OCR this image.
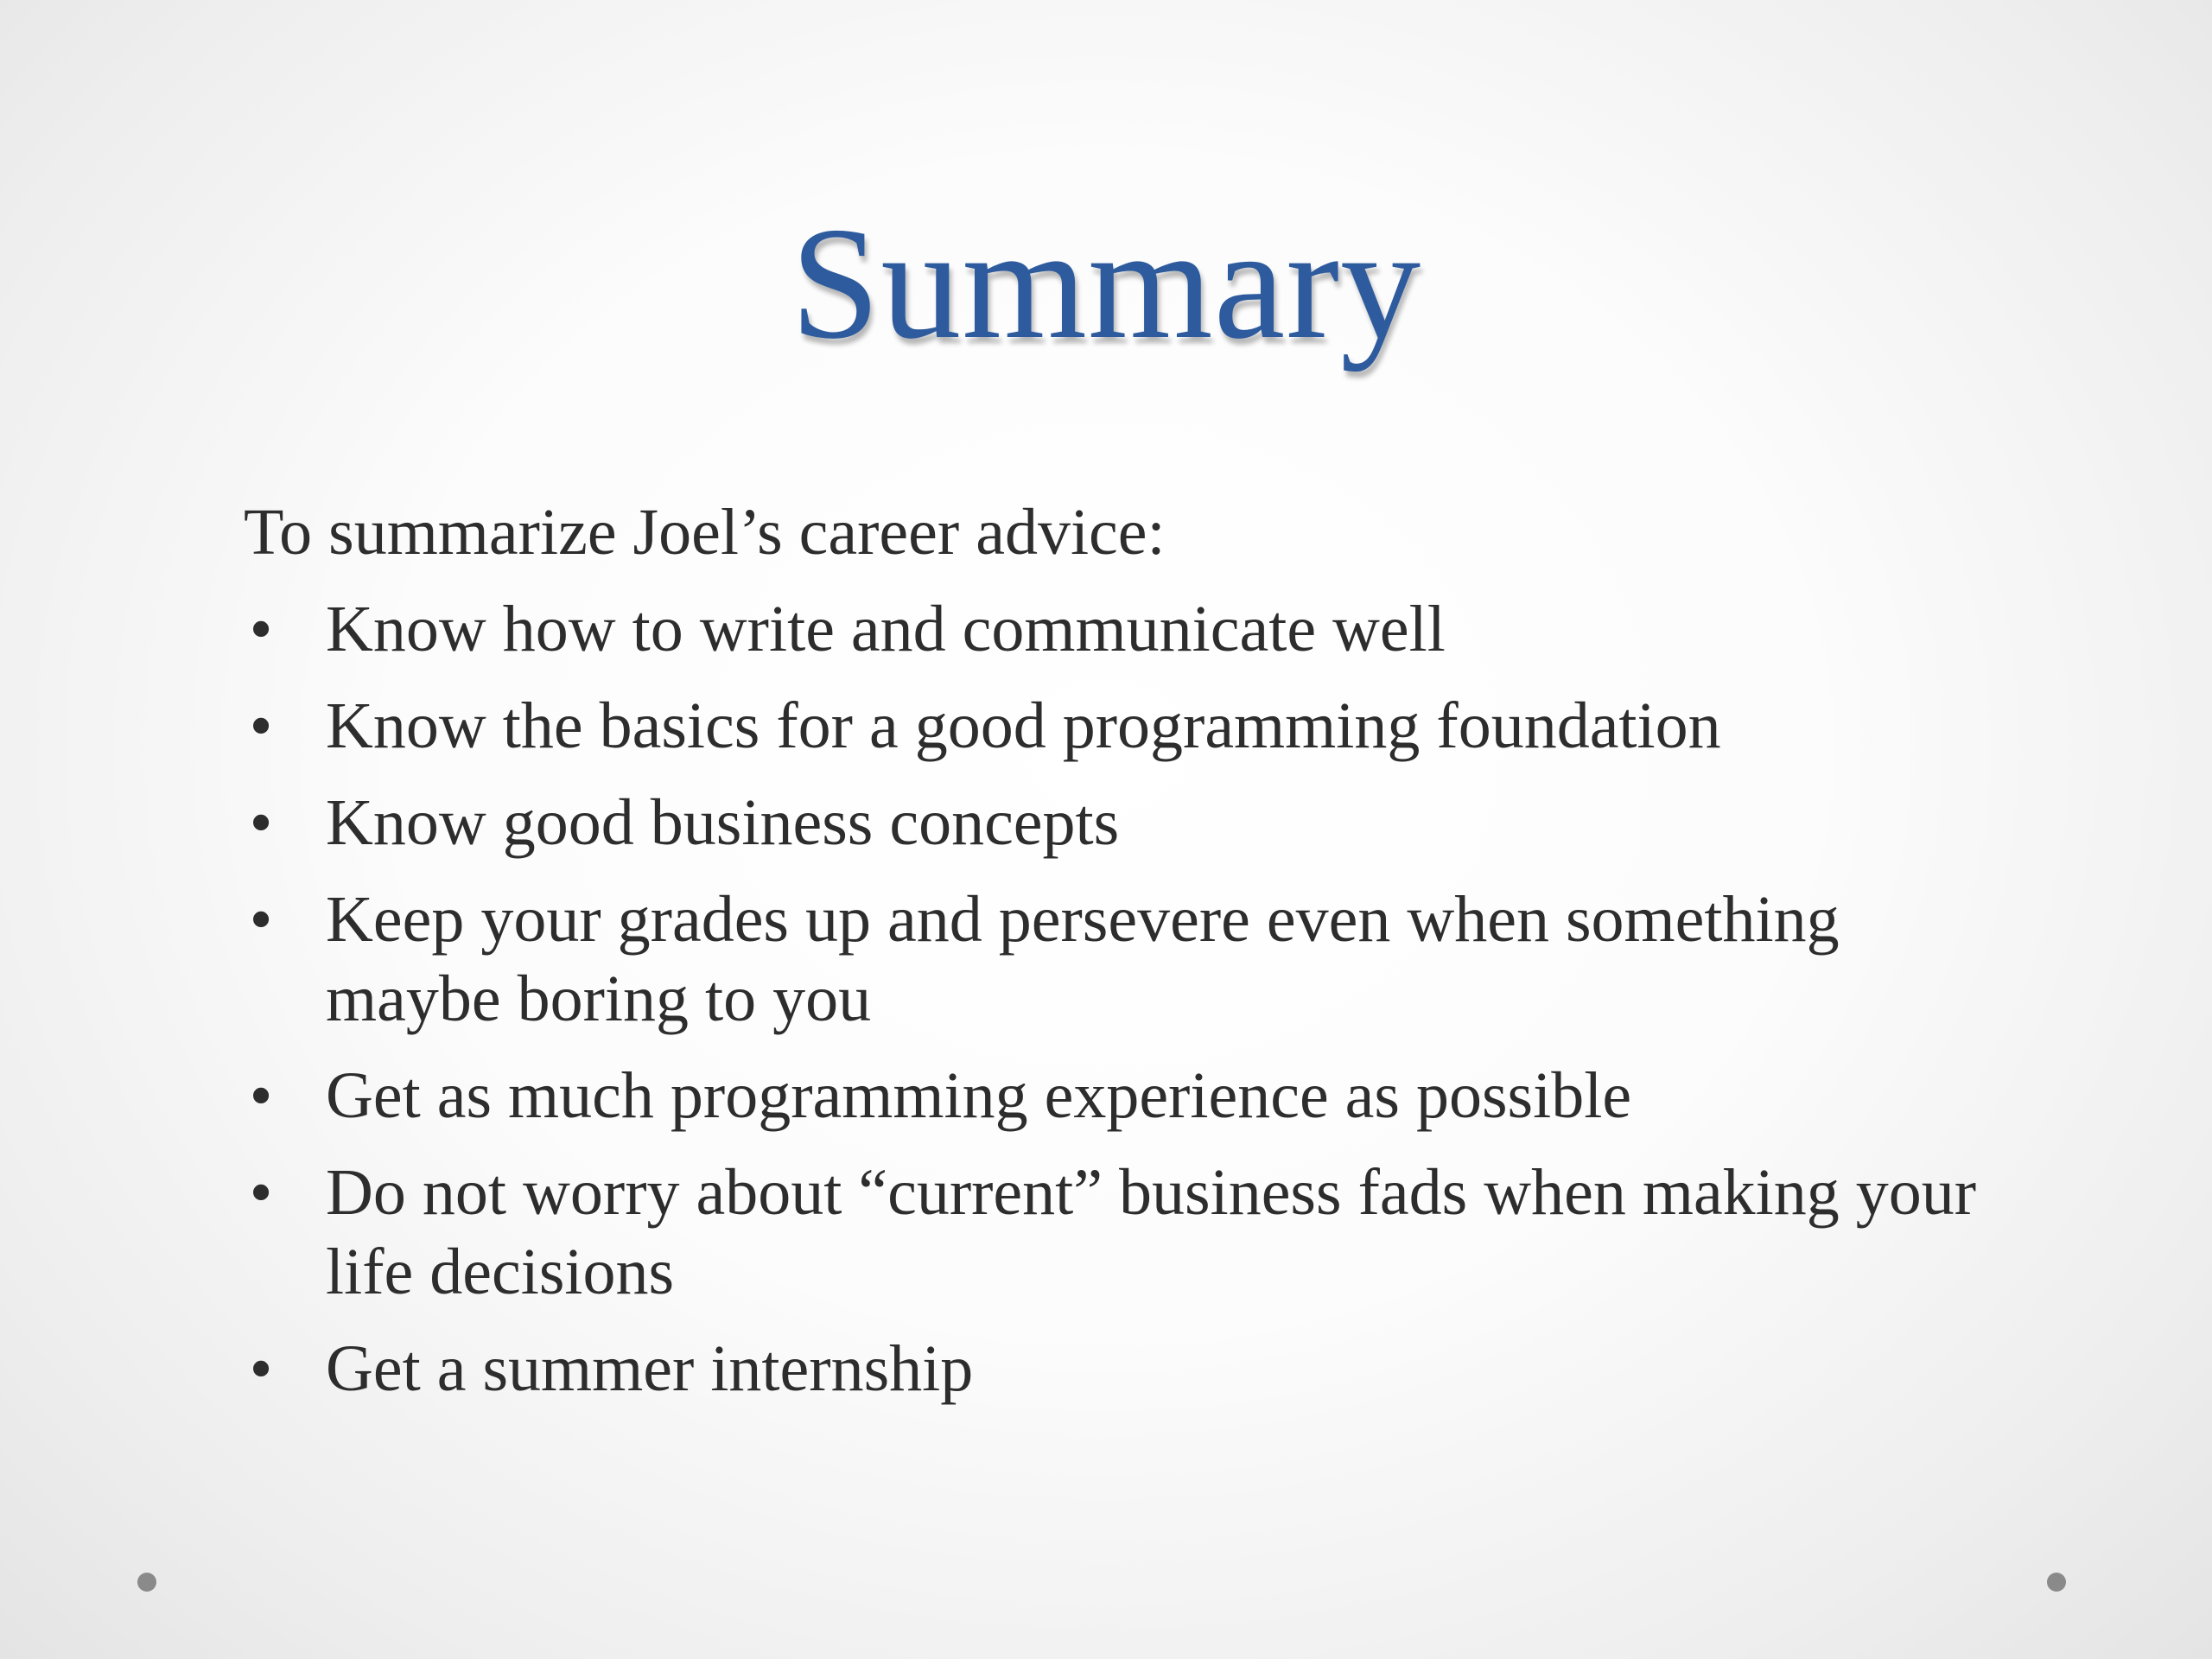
Summary
To summarize Joel’s career advice:
• Know how to write and communicate well
• Know the basics for a good programming foundation
• Know good business concepts
• Keep your grades up and persevere even when something maybe boring to you
• Get as much programming experience as possible
• Do not worry about “current” business fads when making your life decisions
• Get a summer internship
